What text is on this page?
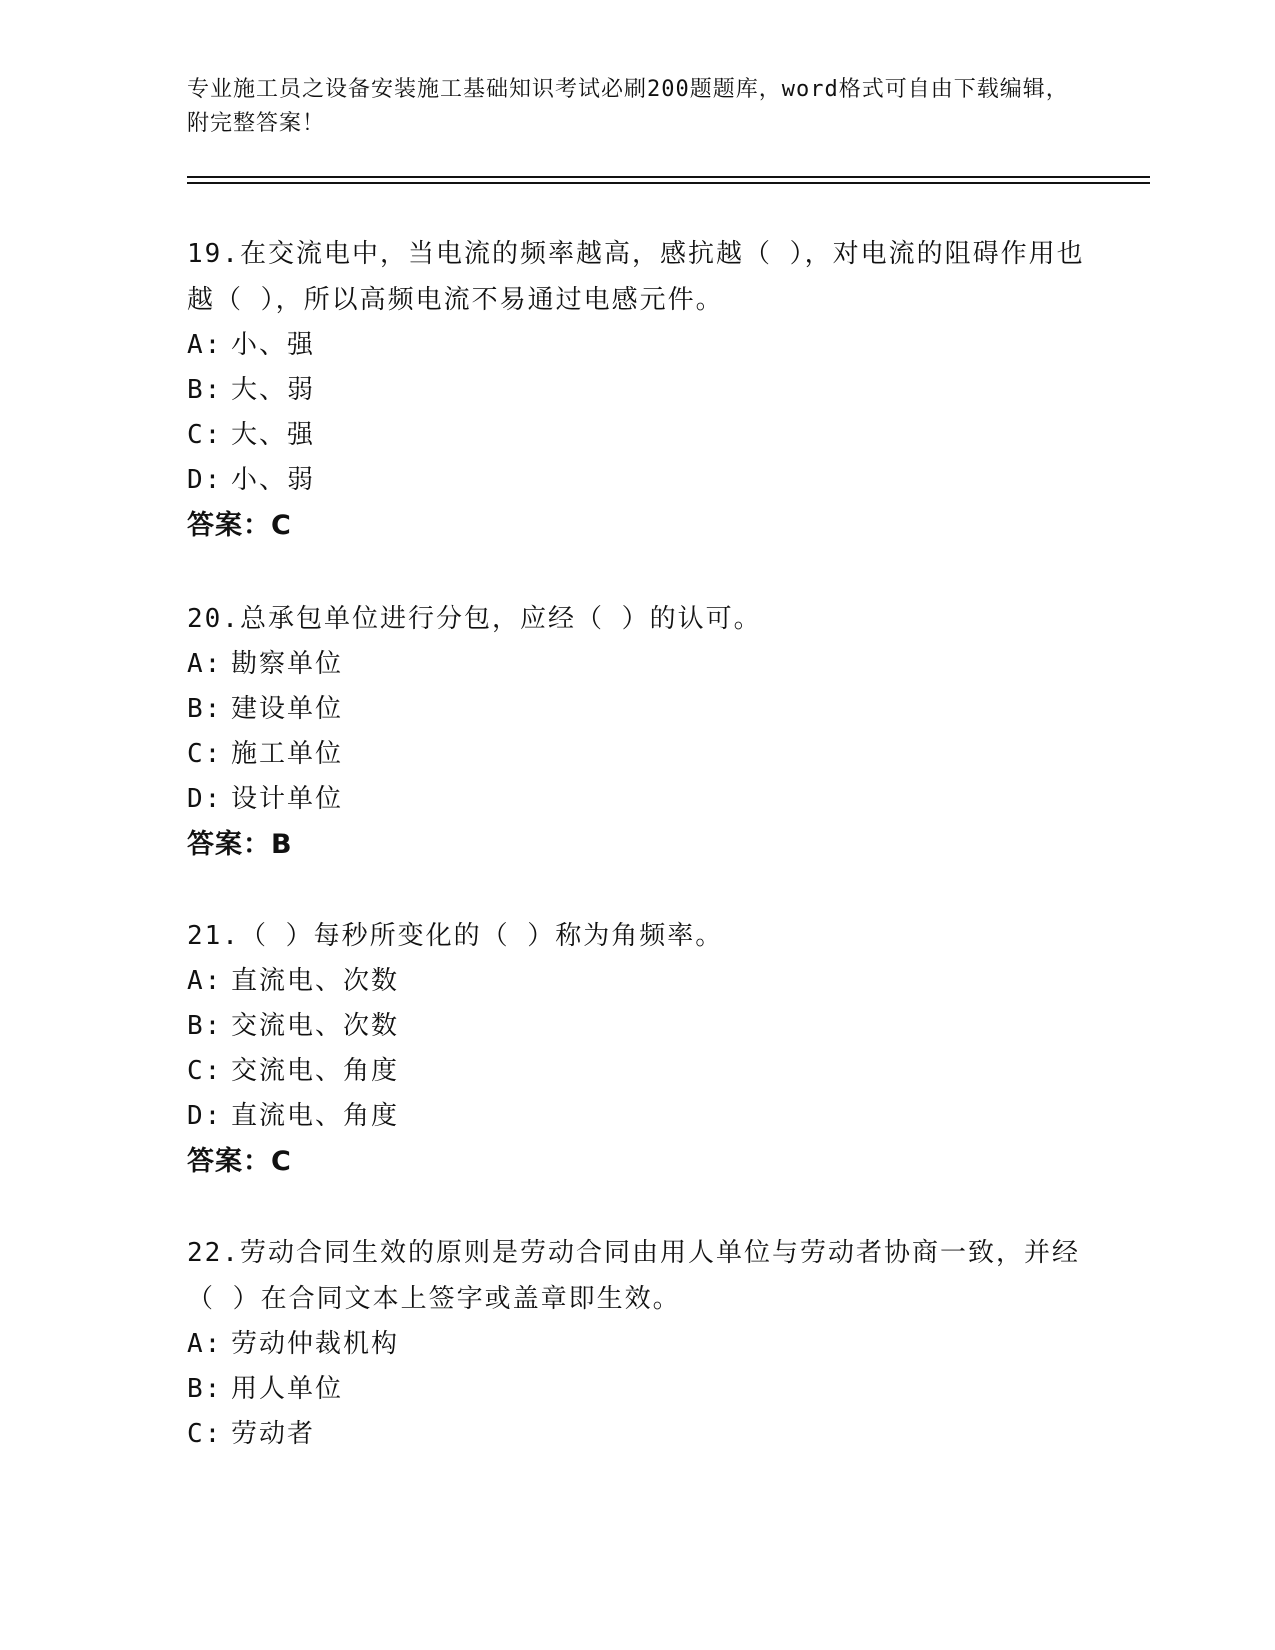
专业施工员之设备安装施工基础知识考试必刷200题题库，word格式可自由下载编辑，附完整答案！

19.在交流电中，当电流的频率越高，感抗越（ ），对电流的阻碍作用也越（ ），所以高频电流不易通过电感元件。

A: 小、强

B: 大、弱

C: 大、强

D: 小、弱

答案：C

20.总承包单位进行分包，应经（ ）的认可。

A: 勘察单位

B: 建设单位

C: 施工单位

D: 设计单位

答案：B

21.（ ）每秒所变化的（ ）称为角频率。

A: 直流电、次数

B: 交流电、次数

C: 交流电、角度

D: 直流电、角度

答案：C

22.劳动合同生效的原则是劳动合同由用人单位与劳动者协商一致，并经（ ）在合同文本上签字或盖章即生效。

A: 劳动仲裁机构

B: 用人单位

C: 劳动者
